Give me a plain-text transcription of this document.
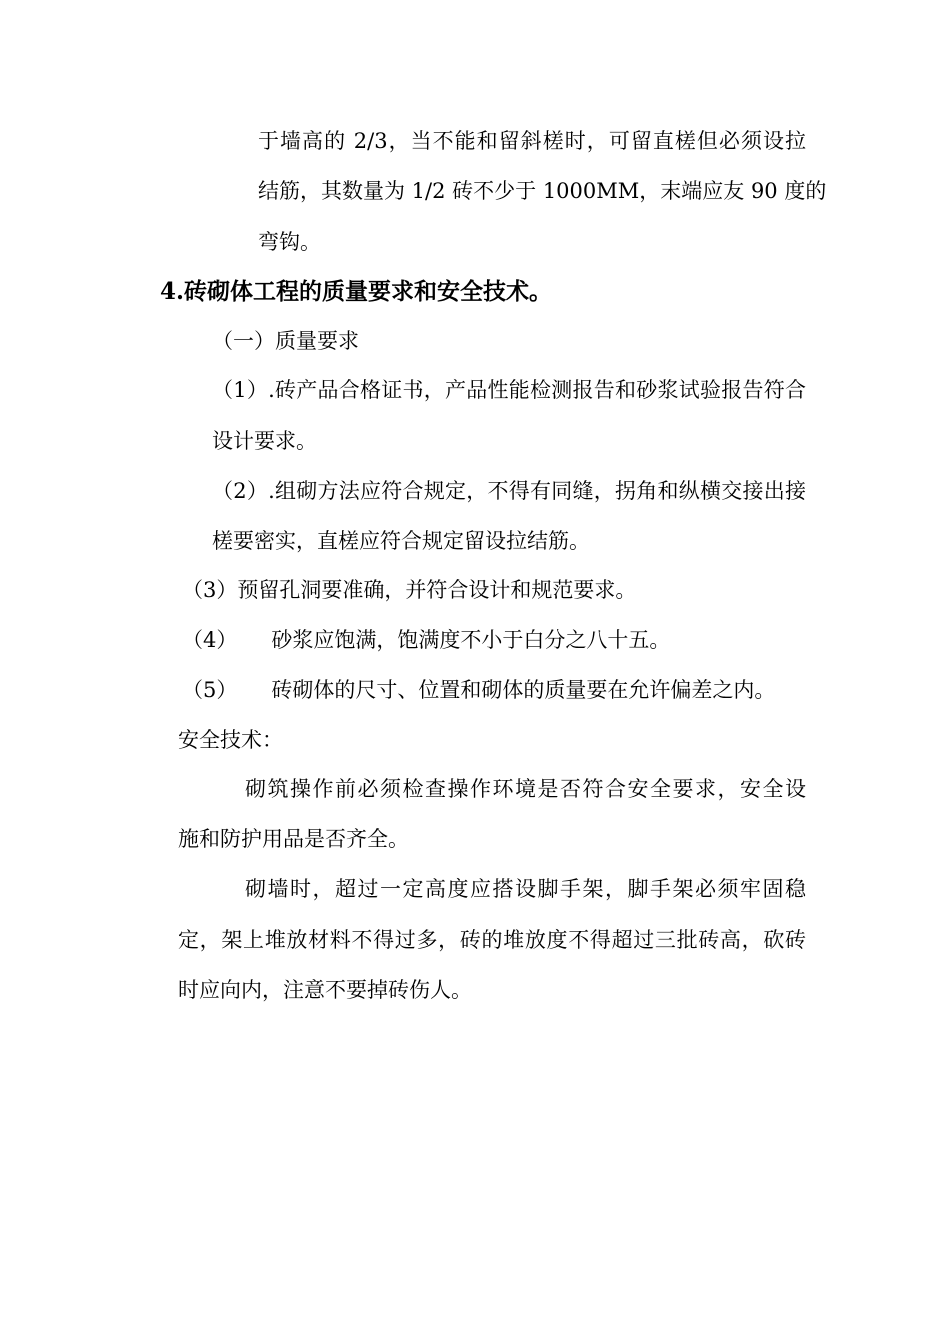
于墙高的 2/3，当不能和留斜槎时，可留直槎但必须设拉

结筋，其数量为 1/2 砖不少于 1000MM，末端应友 90 度的

弯钩。

4.砖砌体工程的质量要求和安全技术。

（一）质量要求

（1）.砖产品合格证书，产品性能检测报告和砂浆试验报告符合

设计要求。

（2）.组砌方法应符合规定，不得有同缝，拐角和纵横交接出接

槎要密实，直槎应符合规定留设拉结筋。

（3）预留孔洞要准确，并符合设计和规范要求。

（4） 砂浆应饱满，饱满度不小于白分之八十五。

（5） 砖砌体的尺寸、位置和砌体的质量要在允许偏差之内。

安全技术：

砌筑操作前必须检查操作环境是否符合安全要求，安全设

施和防护用品是否齐全。

砌墙时，超过一定高度应搭设脚手架，脚手架必须牢固稳

定，架上堆放材料不得过多，砖的堆放度不得超过三批砖高，砍砖

时应向内，注意不要掉砖伤人。
